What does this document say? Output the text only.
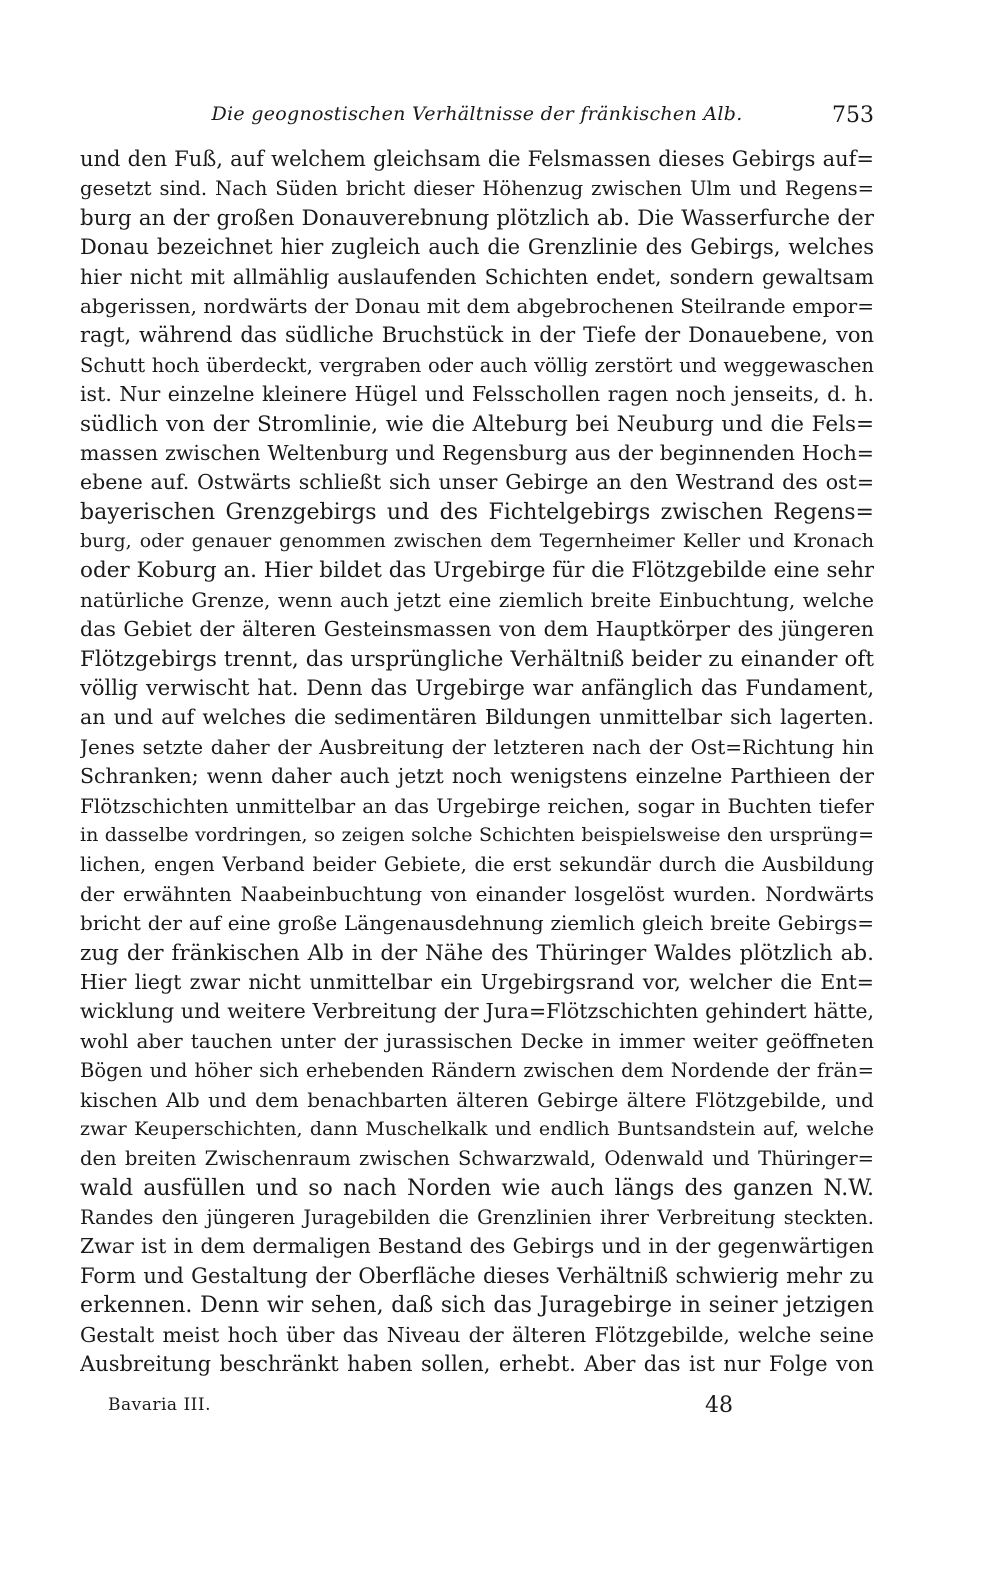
Die geognostischen Verhältnisse der fränkischen Alb.	753
und den Fuß, auf welchem gleichsam die Felsmassen dieses Gebirgs auf=
gesetzt sind. Nach Süden bricht dieser Höhenzug zwischen Ulm und Regens=
burg an der großen Donauverebnung plötzlich ab. Die Wasserfurche der
Donau bezeichnet hier zugleich auch die Grenzlinie des Gebirgs, welches
hier nicht mit allmählig auslaufenden Schichten endet, sondern gewaltsam
abgerissen, nordwärts der Donau mit dem abgebrochenen Steilrande empor=
ragt, während das südliche Bruchstück in der Tiefe der Donauebene, von
Schutt hoch überdeckt, vergraben oder auch völlig zerstört und weggewaschen
ist. Nur einzelne kleinere Hügel und Felsschollen ragen noch jenseits, d. h.
südlich von der Stromlinie, wie die Alteburg bei Neuburg und die Fels=
massen zwischen Weltenburg und Regensburg aus der beginnenden Hoch=
ebene auf. Ostwärts schließt sich unser Gebirge an den Westrand des ost=
bayerischen Grenzgebirgs und des Fichtelgebirgs zwischen Regens=
burg, oder genauer genommen zwischen dem Tegernheimer Keller und Kronach
oder Koburg an. Hier bildet das Urgebirge für die Flötzgebilde eine sehr
natürliche Grenze, wenn auch jetzt eine ziemlich breite Einbuchtung, welche
das Gebiet der älteren Gesteinsmassen von dem Hauptkörper des jüngeren
Flötzgebirgs trennt, das ursprüngliche Verhältniß beider zu einander oft
völlig verwischt hat. Denn das Urgebirge war anfänglich das Fundament,
an und auf welches die sedimentären Bildungen unmittelbar sich lagerten.
Jenes setzte daher der Ausbreitung der letzteren nach der Ost=Richtung hin
Schranken; wenn daher auch jetzt noch wenigstens einzelne Parthieen der
Flötzschichten unmittelbar an das Urgebirge reichen, sogar in Buchten tiefer
in dasselbe vordringen, so zeigen solche Schichten beispielsweise den ursprüng=
lichen, engen Verband beider Gebiete, die erst sekundär durch die Ausbildung
der erwähnten Naabeinbuchtung von einander losgelöst wurden. Nordwärts
bricht der auf eine große Längenausdehnung ziemlich gleich breite Gebirgs=
zug der fränkischen Alb in der Nähe des Thüringer Waldes plötzlich ab.
Hier liegt zwar nicht unmittelbar ein Urgebirgsrand vor, welcher die Ent=
wicklung und weitere Verbreitung der Jura=Flötzschichten gehindert hätte,
wohl aber tauchen unter der jurassischen Decke in immer weiter geöffneten
Bögen und höher sich erhebenden Rändern zwischen dem Nordende der frän=
kischen Alb und dem benachbarten älteren Gebirge ältere Flötzgebilde, und
zwar Keuperschichten, dann Muschelkalk und endlich Buntsandstein auf, welche
den breiten Zwischenraum zwischen Schwarzwald, Odenwald und Thüringer=
wald ausfüllen und so nach Norden wie auch längs des ganzen N.W.
Randes den jüngeren Juragebilden die Grenzlinien ihrer Verbreitung steckten.
Zwar ist in dem dermaligen Bestand des Gebirgs und in der gegenwärtigen
Form und Gestaltung der Oberfläche dieses Verhältniß schwierig mehr zu
erkennen. Denn wir sehen, daß sich das Juragebirge in seiner jetzigen
Gestalt meist hoch über das Niveau der älteren Flötzgebilde, welche seine
Ausbreitung beschränkt haben sollen, erhebt. Aber das ist nur Folge von
Bavaria III.	48
